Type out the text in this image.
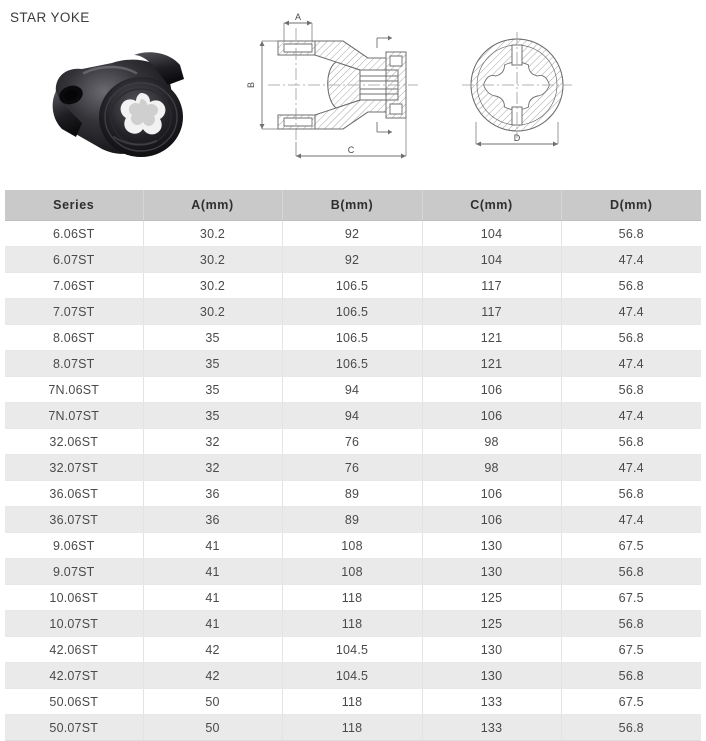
STAR YOKE	A
B
C
D
Series	A(mm)	B(mm)	C(mm)	D(mm)
6.06ST	30.2	92	104	56.8
6.07ST	30.2	92	104	47.4
7.06ST	30.2	106.5	117	56.8
7.07ST	30.2	106.5	117	47.4
8.06ST	35	106.5	121	56.8
8.07ST	35	106.5	121	47.4
7N.06ST	35	94	106	56.8
7N.07ST	35	94	106	47.4
32.06ST	32	76	98	56.8
32.07ST	32	76	98	47.4
36.06ST	36	89	106	56.8
36.07ST	36	89	106	47.4
9.06ST	41	108	130	67.5
9.07ST	41	108	130	56.8
10.06ST	41	118	125	67.5
10.07ST	41	118	125	56.8
42.06ST	42	104.5	130	67.5
42.07ST	42	104.5	130	56.8
50.06ST	50	118	133	67.5
50.07ST	50	118	133	56.8
